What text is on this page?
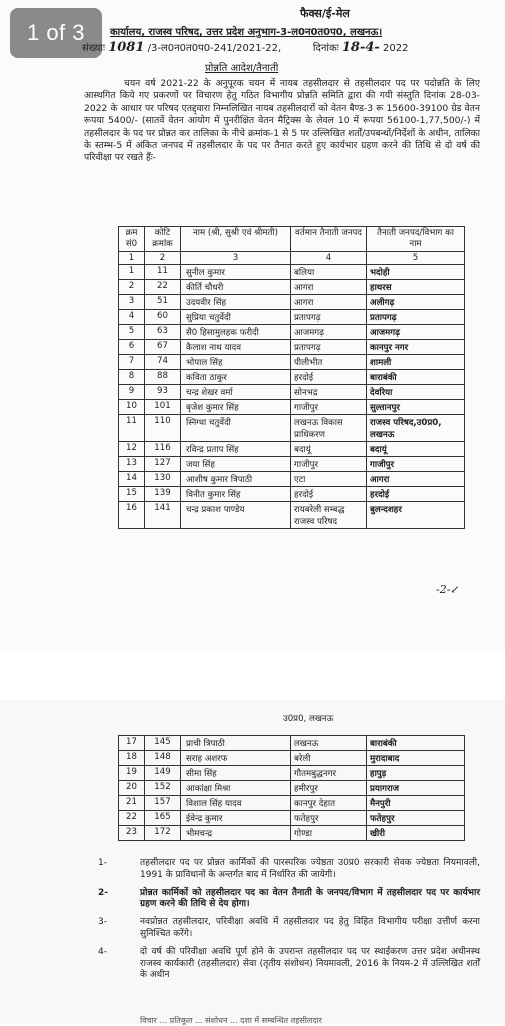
1 of 3
फैक्स/ई-मेल
कार्यालय, राजस्व परिषद, उत्तर प्रदेश अनुभाग-3-ल0न0त0प0, लखनऊ।
संख्याः 1081 /3-ल0न0त0प0-241/2021-22,	दिनांकः 18-4- 2022
प्रोन्नति आदेश/तैनाती
चयन वर्ष 2021-22 के अनुपूरक चयन में नायब तहसीलदार से तहसीलदार पद पर पदोन्नति के लिए आस्थगित किये गए प्रकरणों पर विचारण हेतु गठित विभागीय प्रोन्नति समिति द्वारा की गयी संस्तुति दिनांक 28-03-2022 के आधार पर परिषद एतद्द्वारा निम्नलिखित नायब तहसीलदारों को वेतन बैण्ड-3 रू 15600-39100 ग्रेड वेतन रूपया 5400/- (सातवें वेतन आयोग में पुनरीक्षित वेतन मैट्रिक्स के लेवल 10 में रूपया 56100-1,77,500/-) में तहसीलदार के पद पर प्रोन्नत कर तालिका के नीचे क्रमांक-1 से 5 पर उल्लिखित शर्तों/उपबन्धों/निर्देशों के अधीन, तालिका के स्तम्भ-5 में अंकित जनपद में तहसीलदार के पद पर तैनात करते हुए कार्यभार ग्रहण करने की तिथि से दो वर्ष की परिवीक्षा पर रखते हैंः-
क्रम सं0	कोटि क्रमांक	नाम (श्री, सुश्री एवं श्रीमती)	वर्तमान तैनाती जनपद	तैनाती जनपद/विभाग का नाम
1	2	3	4	5
1	11	सुनील कुमार	बलिया	भदोही
2	22	कीर्ति चौधरी	आगरा	हाथरस
3	51	उदयवीर सिंह	आगरा	अलीगढ़
4	60	सुप्रिया चतुर्वेदी	प्रतापगढ़	प्रतापगढ़
5	63	सै0 हिसामुलहक फरीदी	आजमगढ़	आजमगढ़
6	67	कैलाश नाथ यादव	प्रतापगढ़	कानपुर नगर
7	74	भोपाल सिंह	पीलीभीत	शामली
8	88	कविता ठाकुर	हरदोई	बाराबंकी
9	93	चन्द्र शेखर वर्मा	सोनभद्र	देवरिया
10	101	बृजेश कुमार सिंह	गाजीपुर	सुल्तानपुर
11	110	स्निग्धा चतुर्वेदी	लखनऊ विकास प्राधिकरण	राजस्व परिषद,उ0प्र0, लखनऊ
12	116	रविन्द्र प्रताप सिंह	बदायूं	बदायूं
13	127	जया सिंह	गाजीपुर	गाजीपुर
14	130	आशीष कुमार त्रिपाठी	एटा	आगरा
15	139	विनीत कुमार सिंह	हरदोई	हरदोई
16	141	चन्द्र प्रकाश पाण्डेय	रायबरेली सम्बद्ध राजस्व परिषद	बुलन्दशहर
-2-↙
उ0प्र0, लखनऊ
17	145	प्राची त्रिपाठी	लखनऊ	बाराबंकी
18	148	सराह अशरफ	बरेली	मुरादाबाद
19	149	सीमा सिंह	गौतमबुद्धनगर	हापुड़
20	152	आकांक्षा मिश्रा	हमीरपुर	प्रयागराज
21	157	विशाल सिंह यादव	कानपुर देहात	मैनपुरी
22	165	ईवेन्द्र कुमार	फतेहपुर	फतेहपुर
23	172	भीमचन्द्र	गोण्डा	खीरी
1-	तहसीलदार पद पर प्रोन्नत कार्मिकों की पारस्परिक ज्येष्ठता उ0प्र0 सरकारी सेवक ज्येष्ठता नियमावली, 1991 के प्राविधानों के अन्तर्गत बाद में निर्धारित की जायेगी।
2-	प्रोन्नत कार्मिकों को तहसीलदार पद का वेतन तैनाती के जनपद/विभाग में तहसीलदार पद पर कार्यभार ग्रहण करने की तिथि से देय होगा।
3-	नवप्रोन्नत तहसीलदार, परिवीक्षा अवधि में तहसीलदार पद हेतु विहित विभागीय परीक्षा उत्तीर्ण करना सुनिश्चित करेंगे।
4-	दो वर्ष की परिवीक्षा अवधि पूर्ण होने के उपरान्त तहसीलदार पद पर स्थाईकरण उत्तर प्रदेश अधीनस्थ राजस्व कार्यकारी (तहसीलदार) सेवा (तृतीय संशोधन) नियमावली, 2016 के नियम-2 में उल्लिखित शर्तों के अधीन
विचार ... प्रतिकूल ... संशोधन ... दशा में सम्बन्धित तहसीलदार
